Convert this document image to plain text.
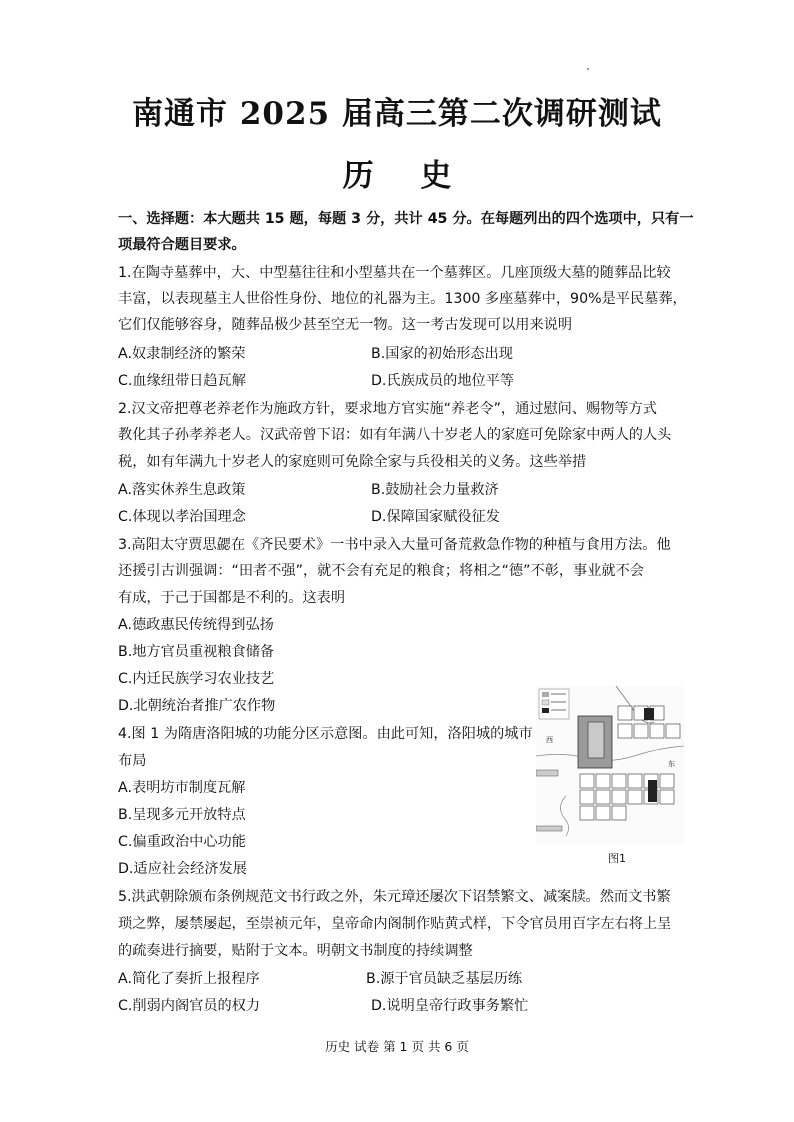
南通市 2025 届高三第二次调研测试
历 史
一、选择题：本大题共 15 题，每题 3 分，共计 45 分。在每题列出的四个选项中，只有一
项最符合题目要求。
1.在陶寺墓葬中，大、中型墓往往和小型墓共在一个墓葬区。几座顶级大墓的随葬品比较
丰富，以表现墓主人世俗性身份、地位的礼器为主。1300 多座墓葬中，90%是平民墓葬，
它们仅能够容身，随葬品极少甚至空无一物。这一考古发现可以用来说明
A.奴隶制经济的繁荣	B.国家的初始形态出现
C.血缘纽带日趋瓦解	D.氏族成员的地位平等
2.汉文帝把尊老养老作为施政方针，要求地方官实施“养老令”，通过慰问、赐物等方式
教化其子孙孝养老人。汉武帝曾下诏：如有年满八十岁老人的家庭可免除家中两人的人头
税，如有年满九十岁老人的家庭则可免除全家与兵役相关的义务。这些举措
A.落实休养生息政策	B.鼓励社会力量救济
C.体现以孝治国理念	D.保障国家赋役征发
3.高阳太守贾思勰在《齐民要术》一书中录入大量可备荒救急作物的种植与食用方法。他
还援引古训强调：“田者不强”，就不会有充足的粮食；将相之“德”不彰，事业就不会
有成，于己于国都是不利的。这表明
A.德政惠民传统得到弘扬
B.地方官员重视粮食储备
C.内迁民族学习农业技艺
D.北朝统治者推广农作物
4.图 1 为隋唐洛阳城的功能分区示意图。由此可知，洛阳城的城市
布局
A.表明坊市制度瓦解
B.呈现多元开放特点
C.偏重政治中心功能
D.适应社会经济发展
西
东
图1
5.洪武朝除颁布条例规范文书行政之外，朱元璋还屡次下诏禁繁文、减案牍。然而文书繁
琐之弊，屡禁屡起，至崇祯元年，皇帝命内阁制作贴黄式样，下令官员用百字左右将上呈
的疏奏进行摘要，贴附于文本。明朝文书制度的持续调整
A.简化了奏折上报程序	B.源于官员缺乏基层历练
C.削弱内阁官员的权力	D.说明皇帝行政事务繁忙
历史 试卷 第 1 页 共 6 页
